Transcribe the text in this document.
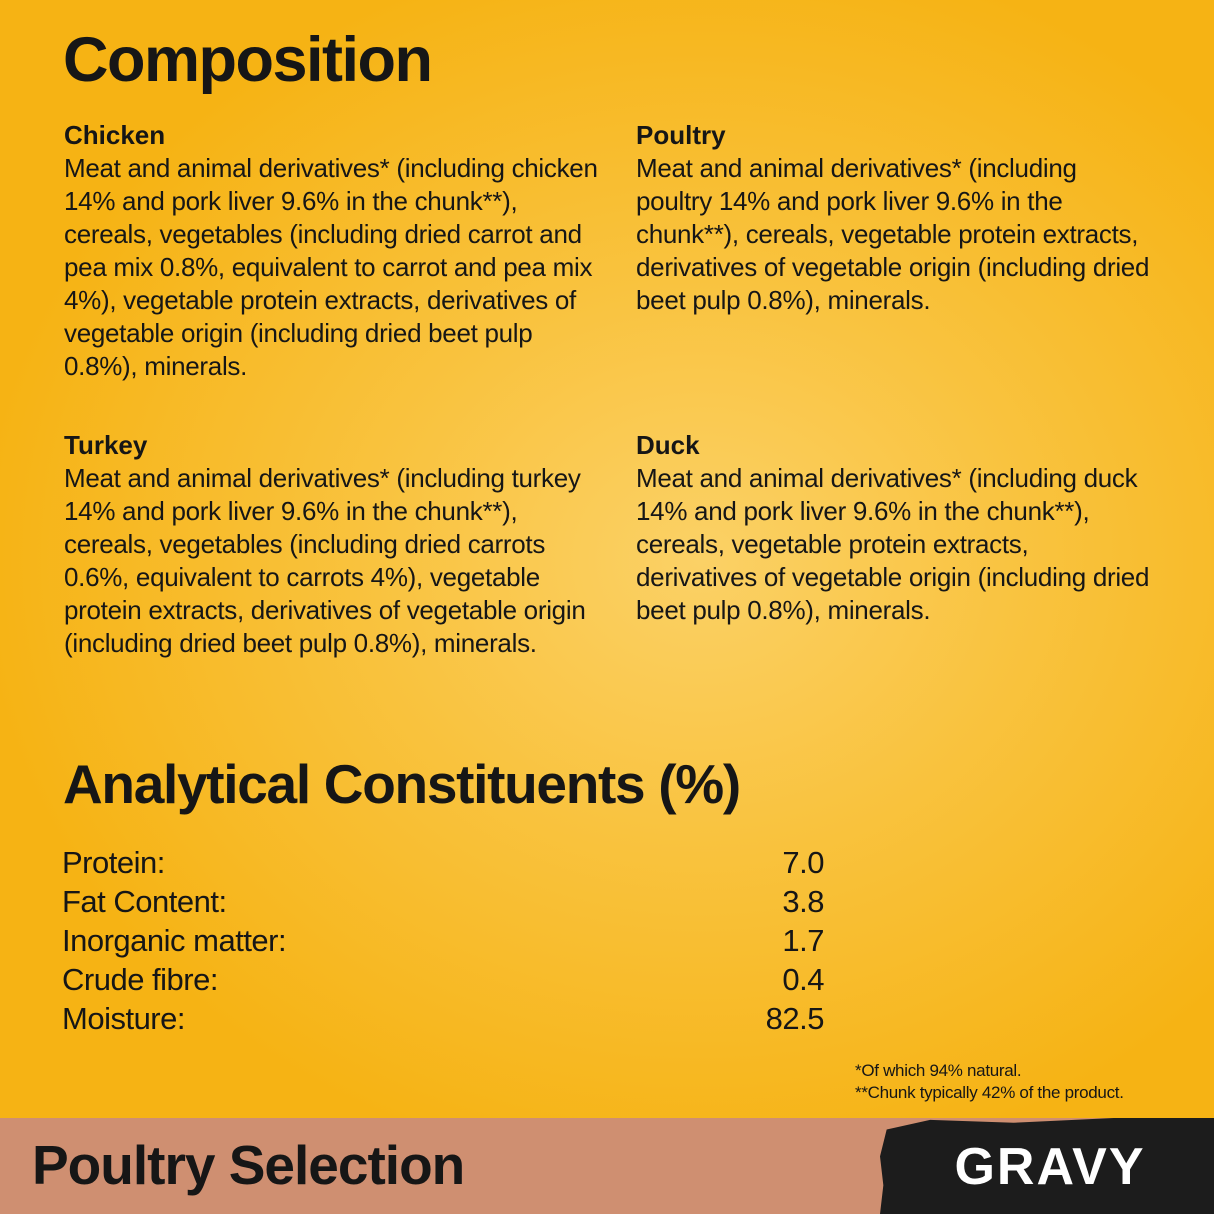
Composition

Chicken

Meat and animal derivatives* (including chicken 14% and pork liver 9.6% in the chunk**), cereals, vegetables (including dried carrot and pea mix 0.8%, equivalent to carrot and pea mix 4%), vegetable protein extracts, derivatives of vegetable origin (including dried beet pulp 0.8%), minerals.

Poultry

Meat and animal derivatives* (including poultry 14% and pork liver 9.6% in the chunk**), cereals, vegetable protein extracts, derivatives of vegetable origin (including dried beet pulp 0.8%), minerals.

Turkey

Meat and animal derivatives* (including turkey 14% and pork liver 9.6% in the chunk**), cereals, vegetables (including dried carrots 0.6%, equivalent to carrots 4%), vegetable protein extracts, derivatives of vegetable origin (including dried beet pulp 0.8%), minerals.

Duck

Meat and animal derivatives* (including duck 14% and pork liver 9.6% in the chunk**), cereals, vegetable protein extracts, derivatives of vegetable origin (including dried beet pulp 0.8%), minerals.

Analytical Constituents (%)
Protein:	7.0
Fat Content:	3.8
Inorganic matter:	1.7
Crude fibre:	0.4
Moisture:	82.5
*Of which 94% natural.
**Chunk typically 42% of the product.
Poultry Selection	GRAVY
